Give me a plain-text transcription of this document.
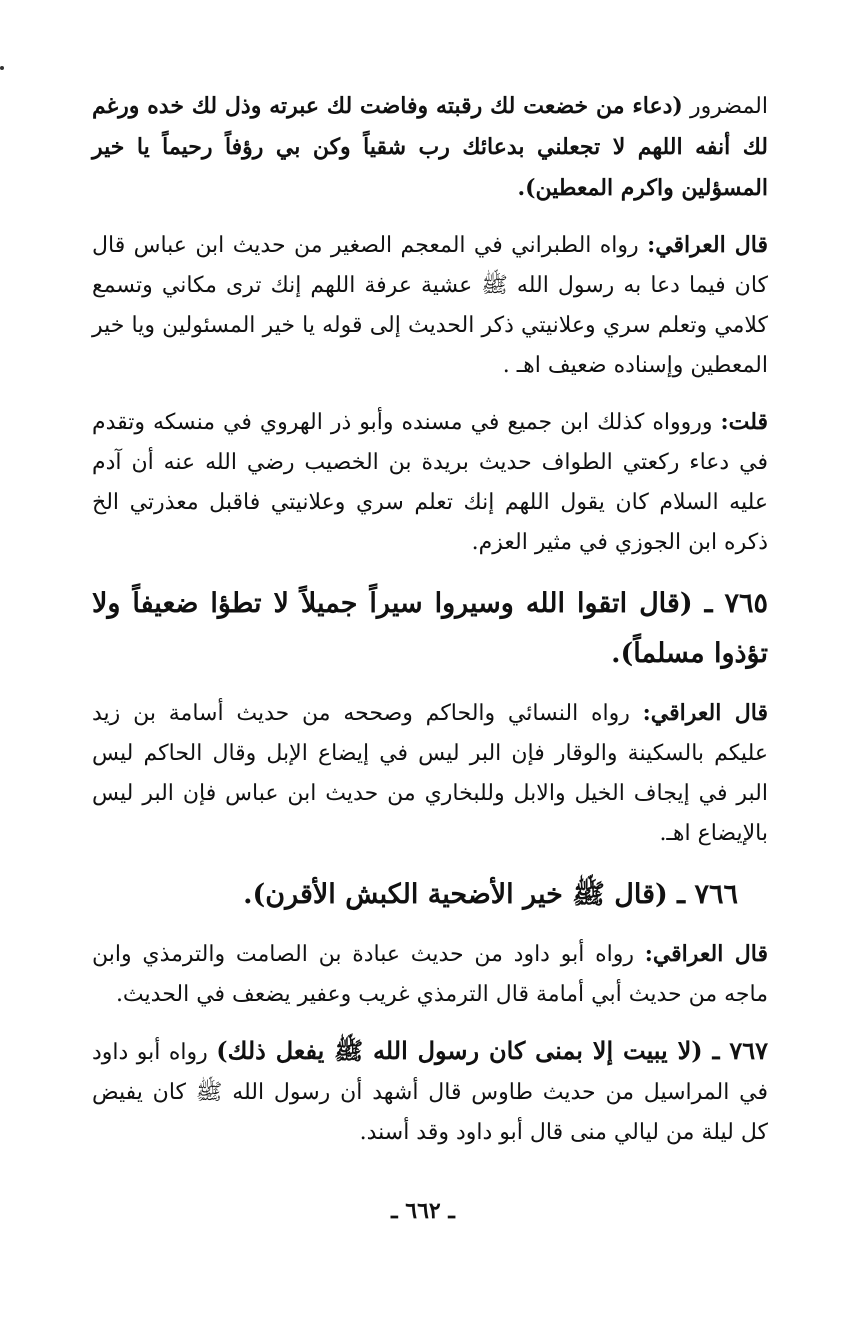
المضرور (دعاء من خضعت لك رقبته وفاضت لك عبرته وذل لك خده ورغم لك أنفه اللهم لا تجعلني بدعائك رب شقياً وكن بي رؤفاً رحيماً يا خير المسؤلين واكرم المعطين).

قال العراقي: رواه الطبراني في المعجم الصغير من حديث ابن عباس قال كان فيما دعا به رسول الله ﷺ عشية عرفة اللهم إنك ترى مكاني وتسمع كلامي وتعلم سري وعلانيتي ذكر الحديث إلى قوله يا خير المسئولين ويا خير المعطين وإسناده ضعيف اهـ .

قلت: وروواه كذلك ابن جميع في مسنده وأبو ذر الهروي في منسكه وتقدم في دعاء ركعتي الطواف حديث بريدة بن الخصيب رضي الله عنه أن آدم عليه السلام كان يقول اللهم إنك تعلم سري وعلانيتي فاقبل معذرتي الخ ذكره ابن الجوزي في مثير العزم.

٧٦٥ ـ (قال اتقوا الله وسيروا سيراً جميلاً لا تطؤا ضعيفاً ولا تؤذوا مسلماً).

قال العراقي: رواه النسائي والحاكم وصححه من حديث أسامة بن زيد عليكم بالسكينة والوقار فإن البر ليس في إيضاع الإبل وقال الحاكم ليس البر في إيجاف الخيل والابل وللبخاري من حديث ابن عباس فإن البر ليس بالإيضاع اهـ.

٧٦٦ ـ (قال ﷺ خير الأضحية الكبش الأقرن).

قال العراقي: رواه أبو داود من حديث عبادة بن الصامت والترمذي وابن ماجه من حديث أبي أمامة قال الترمذي غريب وعفير يضعف في الحديث.

٧٦٧ ـ (لا يبيت إلا بمنى كان رسول الله ﷺ يفعل ذلك) رواه أبو داود في المراسيل من حديث طاوس قال أشهد أن رسول الله ﷺ كان يفيض كل ليلة من ليالي منى قال أبو داود وقد أسند.

ـ ٦٦٢ ـ
